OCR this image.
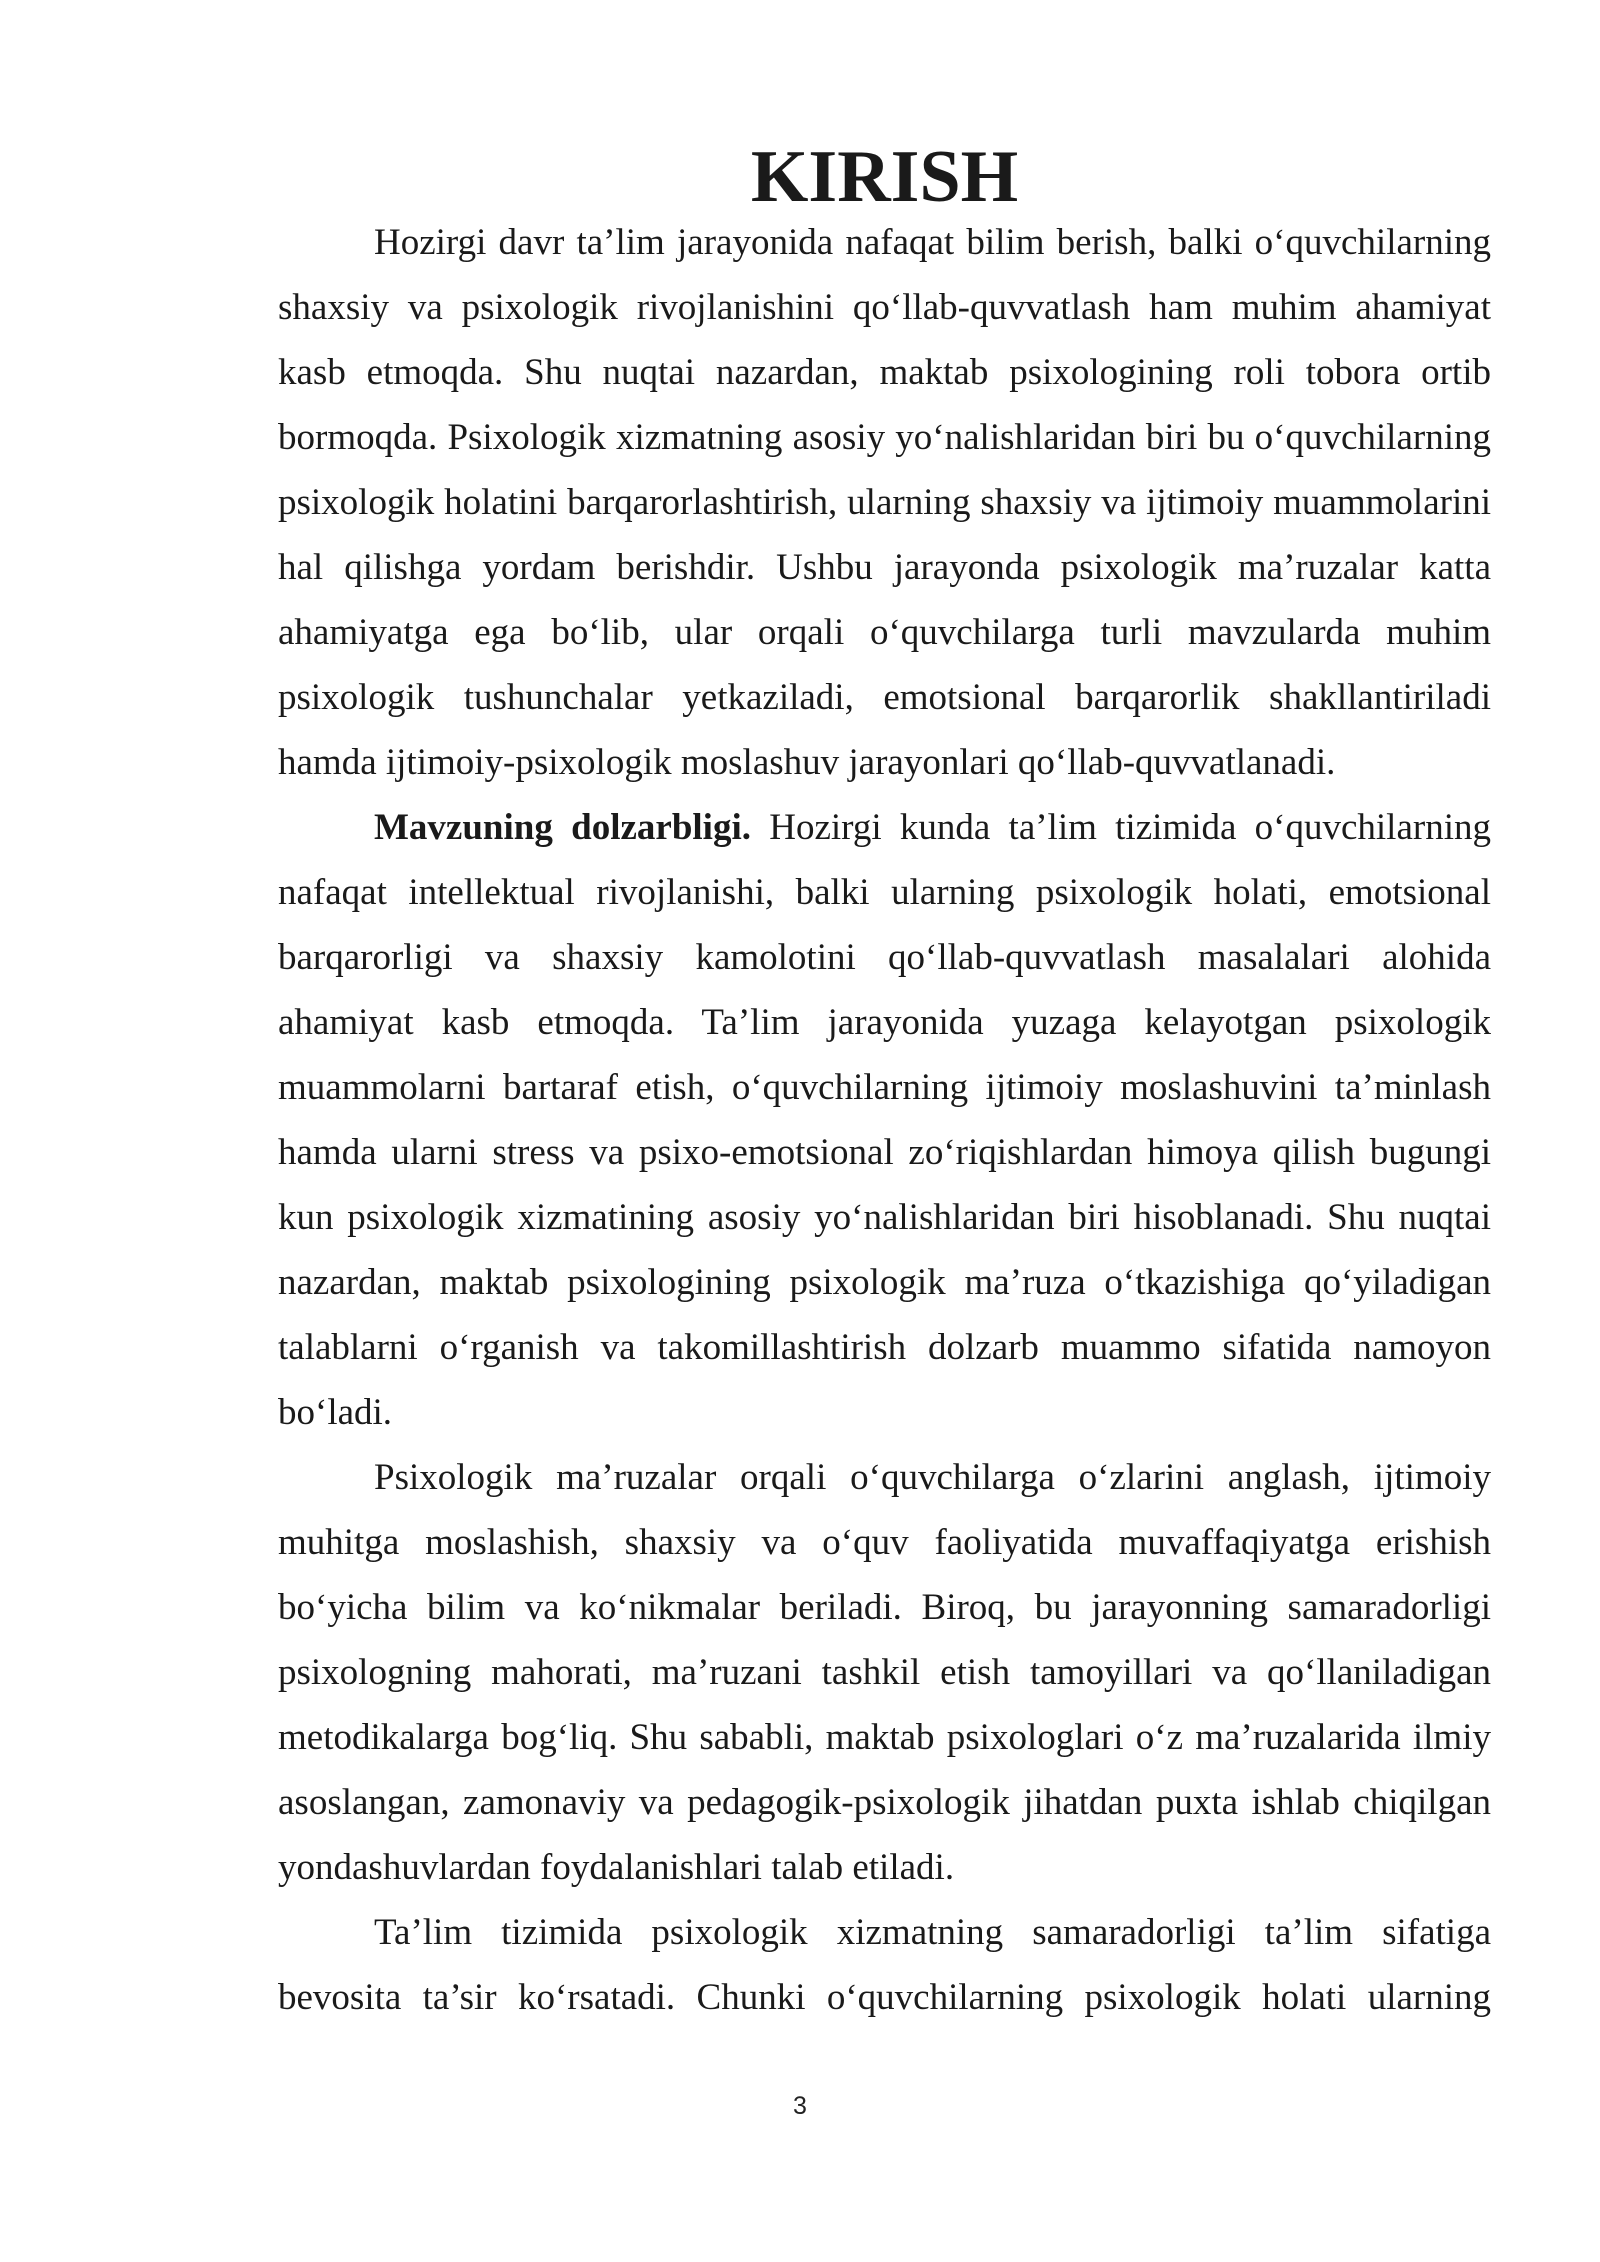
KIRISH

Hozirgi davr ta’lim jarayonida nafaqat bilim berish, balki o‘quvchilarning shaxsiy va psixologik rivojlanishini qo‘llab-quvvatlash ham muhim ahamiyat kasb etmoqda. Shu nuqtai nazardan, maktab psixologining roli tobora ortib bormoqda. Psixologik xizmatning asosiy yo‘nalishlaridan biri bu o‘quvchilarning psixologik holatini barqarorlashtirish, ularning shaxsiy va ijtimoiy muammolarini hal qilishga yordam berishdir. Ushbu jarayonda psixologik ma’ruzalar katta ahamiyatga ega bo‘lib, ular orqali o‘quvchilarga turli mavzularda muhim psixologik tushunchalar yetkaziladi, emotsional barqarorlik shakllantiriladi hamda ijtimoiy-psixologik moslashuv jarayonlari qo‘llab-quvvatlanadi.

Mavzuning dolzarbligi. Hozirgi kunda ta’lim tizimida o‘quvchilarning nafaqat intellektual rivojlanishi, balki ularning psixologik holati, emotsional barqarorligi va shaxsiy kamolotini qo‘llab-quvvatlash masalalari alohida ahamiyat kasb etmoqda. Ta’lim jarayonida yuzaga kelayotgan psixologik muammolarni bartaraf etish, o‘quvchilarning ijtimoiy moslashuvini ta’minlash hamda ularni stress va psixo-emotsional zo‘riqishlardan himoya qilish bugungi kun psixologik xizmatining asosiy yo‘nalishlaridan biri hisoblanadi. Shu nuqtai nazardan, maktab psixologining psixologik ma’ruza o‘tkazishiga qo‘yiladigan talablarni o‘rganish va takomillashtirish dolzarb muammo sifatida namoyon bo‘ladi.

Psixologik ma’ruzalar orqali o‘quvchilarga o‘zlarini anglash, ijtimoiy muhitga moslashish, shaxsiy va o‘quv faoliyatida muvaffaqiyatga erishish bo‘yicha bilim va ko‘nikmalar beriladi. Biroq, bu jarayonning samaradorligi psixologning mahorati, ma’ruzani tashkil etish tamoyillari va qo‘llaniladigan metodikalarga bog‘liq. Shu sababli, maktab psixologlari o‘z ma’ruzalarida ilmiy asoslangan, zamonaviy va pedagogik-psixologik jihatdan puxta ishlab chiqilgan yondashuvlardan foydalanishlari talab etiladi.

Ta’lim tizimida psixologik xizmatning samaradorligi ta’lim sifatiga bevosita ta’sir ko‘rsatadi. Chunki o‘quvchilarning psixologik holati ularning

3
